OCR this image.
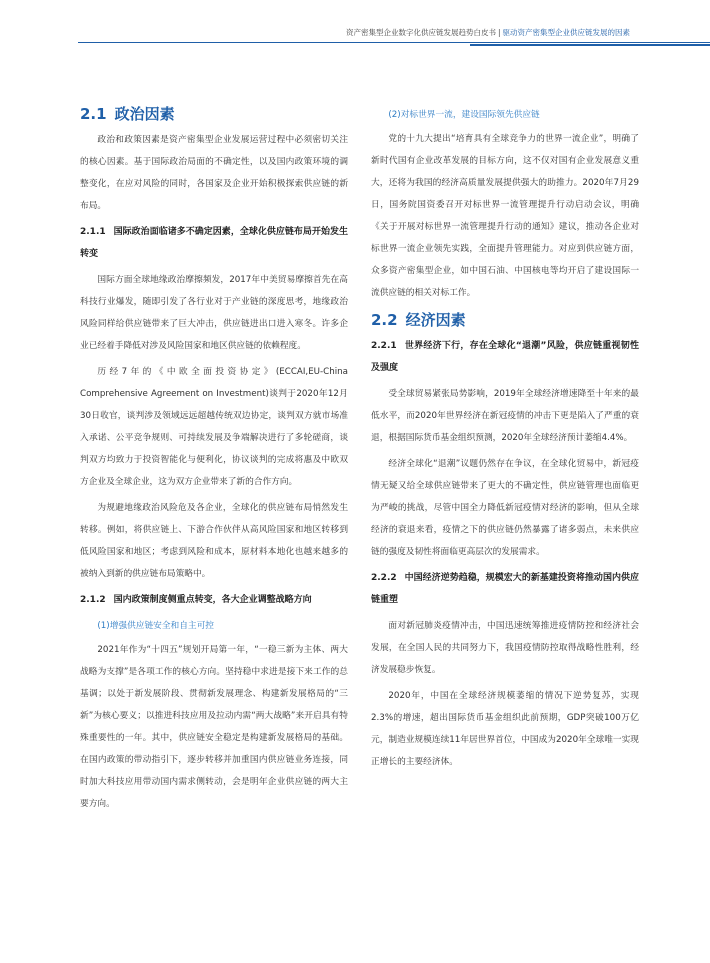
资产密集型企业数字化供应链发展趋势白皮书 | 驱动资产密集型企业供应链发展的因素
2.1 政治因素

政治和政策因素是资产密集型企业发展运营过程中必须密切关注的核心因素。基于国际政治局面的不确定性，以及国内政策环境的调整变化，在应对风险的同时，各国家及企业开始积极探索供应链的新布局。

2.1.1 国际政治面临诸多不确定因素，全球化供应链布局开始发生转变

国际方面全球地缘政治摩擦频发，2017年中美贸易摩擦首先在高科技行业爆发，随即引发了各行业对于产业链的深度思考，地缘政治风险同样给供应链带来了巨大冲击，供应链进出口进入寒冬。许多企业已经着手降低对涉及风险国家和地区供应链的依赖程度。

历经7年的《中欧全面投资协定》(ECCAI,EU-China Comprehensive Agreement on Investment)谈判于2020年12月30日收官，谈判涉及领域远远超越传统双边协定，谈判双方就市场准入承诺、公平竞争规则、可持续发展及争端解决进行了多轮磋商，谈判双方均致力于投资智能化与便利化，协议谈判的完成将惠及中欧双方企业及全球企业，这为双方企业带来了新的合作方向。

为规避地缘政治风险危及各企业，全球化的供应链布局悄然发生转移。例如，将供应链上、下游合作伙伴从高风险国家和地区转移到低风险国家和地区；考虑到风险和成本，原材料本地化也越来越多的被纳入到新的供应链布局策略中。

2.1.2 国内政策制度侧重点转变，各大企业调整战略方向
(1)增强供应链安全和自主可控

2021年作为“十四五”规划开局第一年，“一稳三新为主体、两大战略为支撑”是各项工作的核心方向。坚持稳中求进是接下来工作的总基调；以处于新发展阶段、贯彻新发展理念、构建新发展格局的“三新”为核心要义；以推进科技应用及拉动内需“两大战略”来开启具有特殊重要性的一年。其中，供应链安全稳定是构建新发展格局的基础。在国内政策的带动指引下，逐步转移并加重国内供应链业务连接，同时加大科技应用带动国内需求侧转动，会是明年企业供应链的两大主要方向。

(2)对标世界一流，建设国际领先供应链

党的十九大提出“培育具有全球竞争力的世界一流企业”，明确了新时代国有企业改革发展的目标方向，这不仅对国有企业发展意义重大，还将为我国的经济高质量发展提供强大的助推力。2020年7月29日，国务院国资委召开对标世界一流管理提升行动启动会议，明确《关于开展对标世界一流管理提升行动的通知》建议，推动各企业对标世界一流企业领先实践，全面提升管理能力。对应到供应链方面，众多资产密集型企业，如中国石油、中国核电等均开启了建设国际一流供应链的相关对标工作。

2.2 经济因素
2.2.1 世界经济下行，存在全球化“退潮”风险，供应链重视韧性及强度

受全球贸易紧张局势影响，2019年全球经济增速降至十年来的最低水平，而2020年世界经济在新冠疫情的冲击下更是陷入了严重的衰退，根据国际货币基金组织预测，2020年全球经济预计萎缩4.4%。

经济全球化“退潮”议题仍然存在争议，在全球化贸易中，新冠疫情无疑又给全球供应链带来了更大的不确定性，供应链管理也面临更为严峻的挑战，尽管中国全力降低新冠疫情对经济的影响，但从全球经济的衰退来看，疫情之下的供应链仍然暴露了诸多弱点，未来供应链的强度及韧性将面临更高层次的发展需求。

2.2.2 中国经济逆势趋稳，规模宏大的新基建投资将推动国内供应链重塑

面对新冠肺炎疫情冲击，中国迅速统筹推进疫情防控和经济社会发展，在全国人民的共同努力下，我国疫情防控取得战略性胜利，经济发展稳步恢复。

2020年，中国在全球经济规模萎缩的情况下逆势复苏，实现2.3%的增速，超出国际货币基金组织此前预期，GDP突破100万亿元，制造业规模连续11年居世界首位，中国成为2020年全球唯一实现正增长的主要经济体。
